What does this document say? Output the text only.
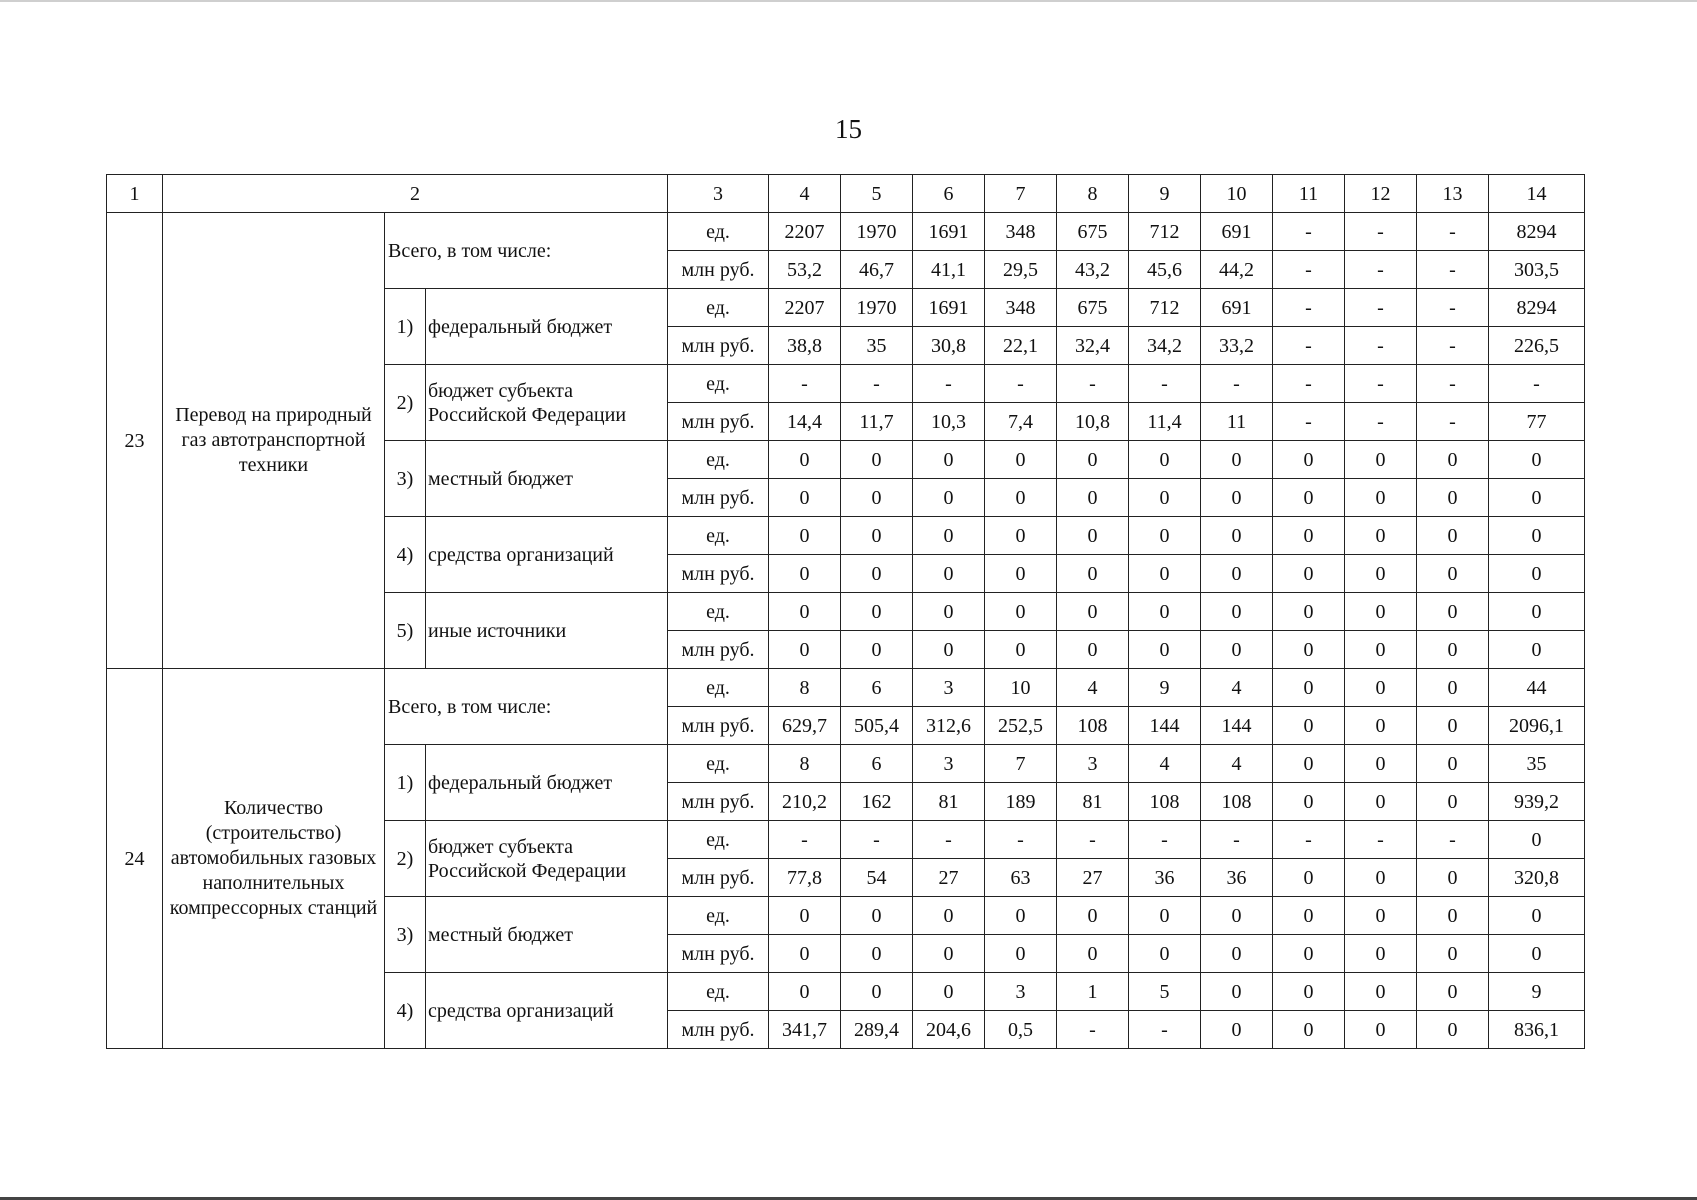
15
1	2			3	4	5	6	7	8	9	10	11	12	13	14
23	Перевод на природный газ автотранспортной техники	Всего, в том числе:		ед.	2207	1970	1691	348	675	712	691	-	-	-	8294
				млн руб.	53,2	46,7	41,1	29,5	43,2	45,6	44,2	-	-	-	303,5
		1)	федеральный бюджет	ед.	2207	1970	1691	348	675	712	691	-	-	-	8294
				млн руб.	38,8	35	30,8	22,1	32,4	34,2	33,2	-	-	-	226,5
		2)	бюджет субъекта Российской Федерации	ед.	-	-	-	-	-	-	-	-	-	-	-
				млн руб.	14,4	11,7	10,3	7,4	10,8	11,4	11	-	-	-	77
		3)	местный бюджет	ед.	0	0	0	0	0	0	0	0	0	0	0
				млн руб.	0	0	0	0	0	0	0	0	0	0	0
		4)	средства организаций	ед.	0	0	0	0	0	0	0	0	0	0	0
				млн руб.	0	0	0	0	0	0	0	0	0	0	0
		5)	иные источники	ед.	0	0	0	0	0	0	0	0	0	0	0
				млн руб.	0	0	0	0	0	0	0	0	0	0	0
24	Количество (строительство) автомобильных газовых наполнительных компрессорных станций	Всего, в том числе:		ед.	8	6	3	10	4	9	4	0	0	0	44
				млн руб.	629,7	505,4	312,6	252,5	108	144	144	0	0	0	2096,1
		1)	федеральный бюджет	ед.	8	6	3	7	3	4	4	0	0	0	35
				млн руб.	210,2	162	81	189	81	108	108	0	0	0	939,2
		2)	бюджет субъекта Российской Федерации	ед.	-	-	-	-	-	-	-	-	-	-	0
				млн руб.	77,8	54	27	63	27	36	36	0	0	0	320,8
		3)	местный бюджет	ед.	0	0	0	0	0	0	0	0	0	0	0
				млн руб.	0	0	0	0	0	0	0	0	0	0	0
		4)	средства организаций	ед.	0	0	0	3	1	5	0	0	0	0	9
				млн руб.	341,7	289,4	204,6	0,5	-	-	0	0	0	0	836,1
